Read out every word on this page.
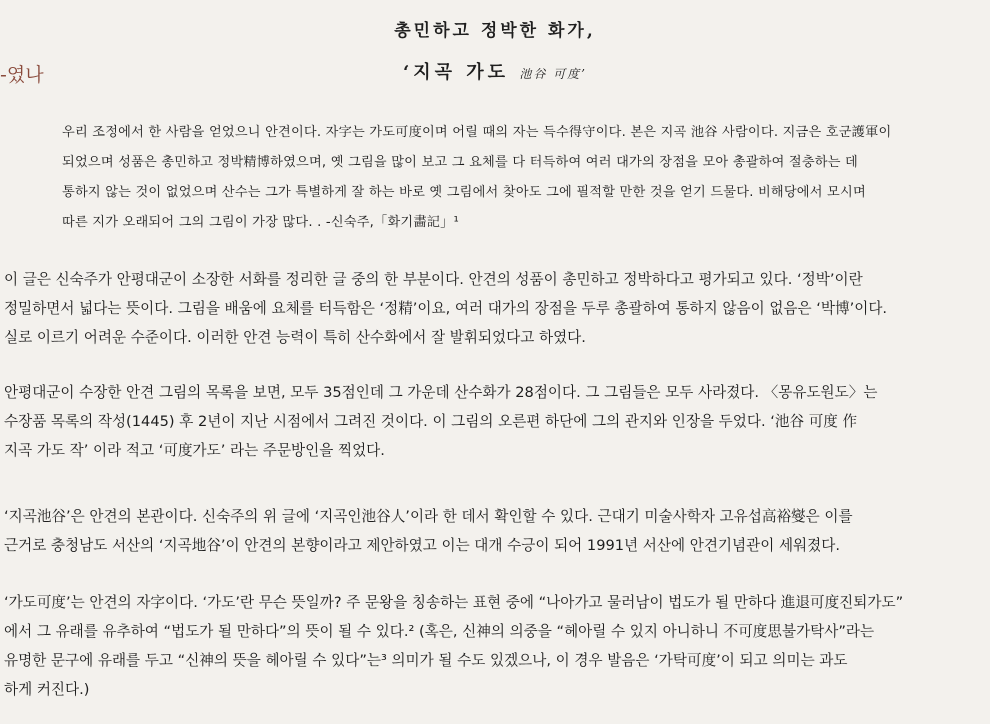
총민하고 정박한 화가,
‘지곡 가도 池谷 可度’
-였나
우리 조정에서 한 사람을 얻었으니 안견이다. 자字는 가도可度이며 어릴 때의 자는 득수得守이다. 본은 지곡 池谷 사람이다. 지금은 호군護軍이
되었으며 성품은 총민하고 정박精博하였으며, 옛 그림을 많이 보고 그 요체를 다 터득하여 여러 대가의 장점을 모아 총괄하여 절충하는 데
통하지 않는 것이 없었으며 산수는 그가 특별하게 잘 하는 바로 옛 그림에서 찾아도 그에 필적할 만한 것을 얻기 드물다. 비해당에서 모시며
따른 지가 오래되어 그의 그림이 가장 많다. . -신숙주,「화기畵記」¹
이 글은 신숙주가 안평대군이 소장한 서화를 정리한 글 중의 한 부분이다. 안견의 성품이 총민하고 정박하다고 평가되고 있다. ‘정박’이란
정밀하면서 넓다는 뜻이다. 그림을 배움에 요체를 터득함은 ‘정精’이요, 여러 대가의 장점을 두루 총괄하여 통하지 않음이 없음은 ‘박博’이다.
실로 이르기 어려운 수준이다. 이러한 안견 능력이 특히 산수화에서 잘 발휘되었다고 하였다.
안평대군이 수장한 안견 그림의 목록을 보면, 모두 35점인데 그 가운데 산수화가 28점이다. 그 그림들은 모두 사라졌다. 〈몽유도원도〉는
수장품 목록의 작성(1445) 후 2년이 지난 시점에서 그려진 것이다. 이 그림의 오른편 하단에 그의 관지와 인장을 두었다. ‘池谷 可度 作
지곡 가도 작’ 이라 적고 ‘可度가도’ 라는 주문방인을 찍었다.
‘지곡池谷’은 안견의 본관이다. 신숙주의 위 글에 ‘지곡인池谷人’이라 한 데서 확인할 수 있다. 근대기 미술사학자 고유섭高裕燮은 이를
근거로 충청남도 서산의 ‘지곡地谷’이 안견의 본향이라고 제안하였고 이는 대개 수긍이 되어 1991년 서산에 안견기념관이 세워졌다.
‘가도可度’는 안견의 자字이다. ‘가도’란 무슨 뜻일까? 주 문왕을 칭송하는 표현 중에 “나아가고 물러남이 법도가 될 만하다 進退可度진퇴가도”
에서 그 유래를 유추하여 “법도가 될 만하다”의 뜻이 될 수 있다.² (혹은, 신神의 의중을 “헤아릴 수 있지 아니하니 不可度思불가탁사”라는
유명한 문구에 유래를 두고 “신神의 뜻을 헤아릴 수 있다”는³ 의미가 될 수도 있겠으나, 이 경우 발음은 ‘가탁可度’이 되고 의미는 과도
하게 커진다.)
